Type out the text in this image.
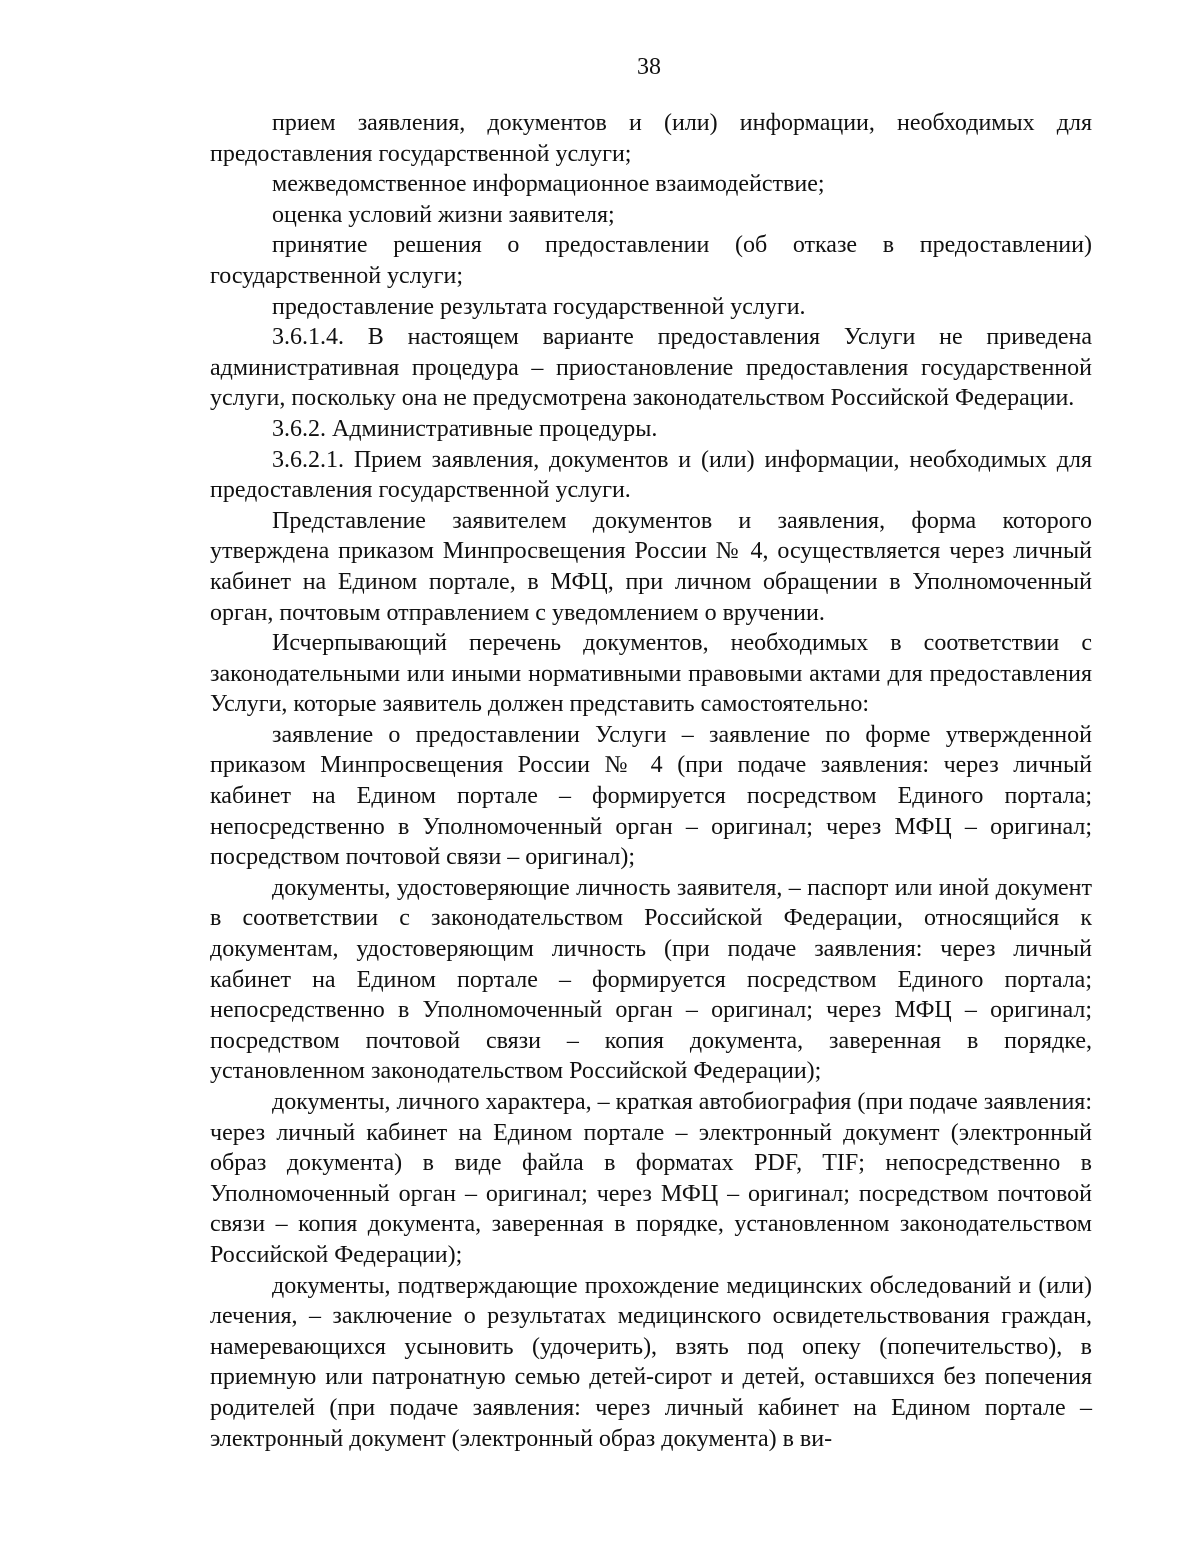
38

прием заявления, документов и (или) информации, необходимых для предоставления государственной услуги;

межведомственное информационное взаимодействие;

оценка условий жизни заявителя;

принятие решения о предоставлении (об отказе в предоставлении) государственной услуги;

предоставление результата государственной услуги.

3.6.1.4. В настоящем варианте предоставления Услуги не приведена административная процедура – приостановление предоставления государственной услуги, поскольку она не предусмотрена законодательством Российской Федерации.

3.6.2. Административные процедуры.

3.6.2.1. Прием заявления, документов и (или) информации, необходимых для предоставления государственной услуги.

Представление заявителем документов и заявления, форма которого утверждена приказом Минпросвещения России № 4, осуществляется через личный кабинет на Едином портале, в МФЦ, при личном обращении в Уполномоченный орган, почтовым отправлением с уведомлением о вручении.

Исчерпывающий перечень документов, необходимых в соответствии с законодательными или иными нормативными правовыми актами для предоставления Услуги, которые заявитель должен представить самостоятельно:

заявление о предоставлении Услуги – заявление по форме утвержденной приказом Минпросвещения России № 4 (при подаче заявления: через личный кабинет на Едином портале – формируется посредством Единого портала; непосредственно в Уполномоченный орган – оригинал; через МФЦ – оригинал; посредством почтовой связи – оригинал);

документы, удостоверяющие личность заявителя, – паспорт или иной документ в соответствии с законодательством Российской Федерации, относящийся к документам, удостоверяющим личность (при подаче заявления: через личный кабинет на Едином портале – формируется посредством Единого портала; непосредственно в Уполномоченный орган – оригинал; через МФЦ – оригинал; посредством почтовой связи – копия документа, заверенная в порядке, установленном законодательством Российской Федерации);

документы, личного характера, – краткая автобиография (при подаче заявления: через личный кабинет на Едином портале – электронный документ (электронный образ документа) в виде файла в форматах PDF, TIF; непосредственно в Уполномоченный орган – оригинал; через МФЦ – оригинал; посредством почтовой связи – копия документа, заверенная в порядке, установленном законодательством Российской Федерации);

документы, подтверждающие прохождение медицинских обследований и (или) лечения, – заключение о результатах медицинского освидетельствования граждан, намеревающихся усыновить (удочерить), взять под опеку (попечительство), в приемную или патронатную семью детей-сирот и детей, оставшихся без попечения родителей (при подаче заявления: через личный кабинет на Едином портале – электронный документ (электронный образ документа) в ви-
